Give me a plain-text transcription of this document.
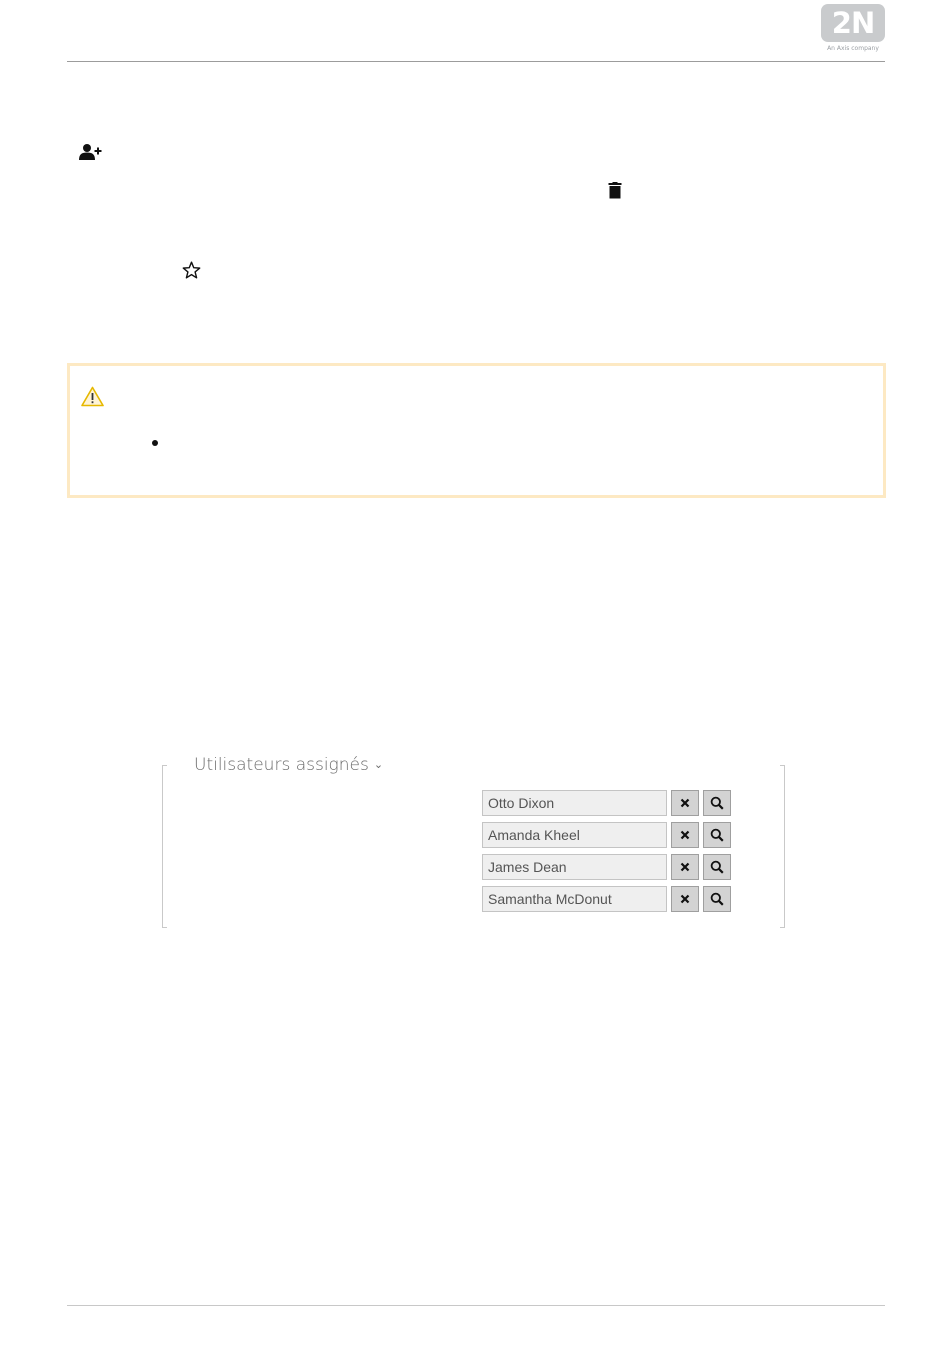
2N
An Axis company
Utilisateurs assignés ⌄
Otto Dixon
Amanda Kheel
James Dean
Samantha McDonut
